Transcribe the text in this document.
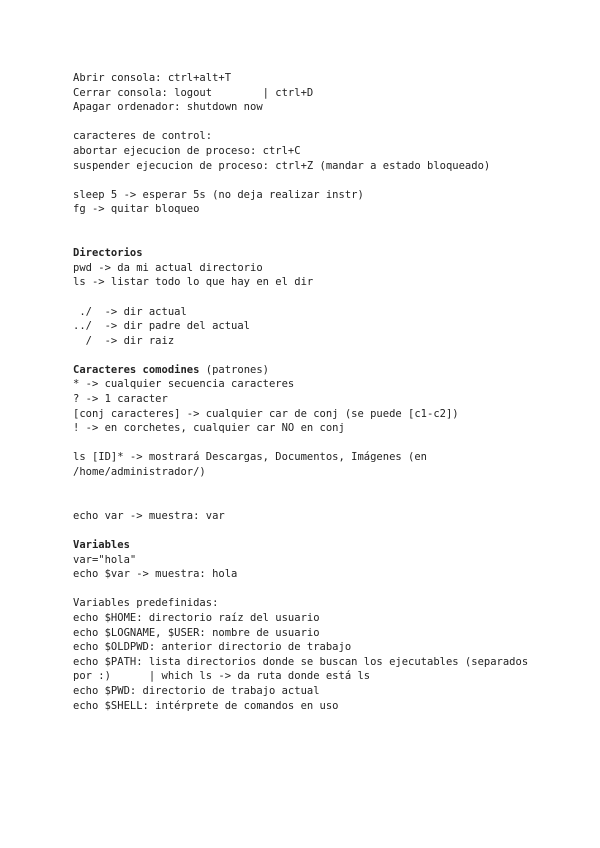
Abrir consola: ctrl+alt+T
Cerrar consola: logout        | ctrl+D
Apagar ordenador: shutdown now
caracteres de control:
abortar ejecucion de proceso: ctrl+C
suspender ejecucion de proceso: ctrl+Z (mandar a estado bloqueado)
sleep 5 -> esperar 5s (no deja realizar instr)
fg -> quitar bloqueo
Directorios
pwd -> da mi actual directorio
ls -> listar todo lo que hay en el dir
./  -> dir actual
../  -> dir padre del actual
/  -> dir raiz
Caracteres comodines (patrones)
* -> cualquier secuencia caracteres
? -> 1 caracter
[conj caracteres] -> cualquier car de conj (se puede [c1-c2])
! -> en corchetes, cualquier car NO en conj
ls [ID]* -> mostrará Descargas, Documentos, Imágenes (en
/home/administrador/)
echo var -> muestra: var
Variables
var="hola"
echo $var -> muestra: hola
Variables predefinidas:
echo $HOME: directorio raíz del usuario
echo $LOGNAME, $USER: nombre de usuario
echo $OLDPWD: anterior directorio de trabajo
echo $PATH: lista directorios donde se buscan los ejecutables (separados
por :)      | which ls -> da ruta donde está ls
echo $PWD: directorio de trabajo actual
echo $SHELL: intérprete de comandos en uso
